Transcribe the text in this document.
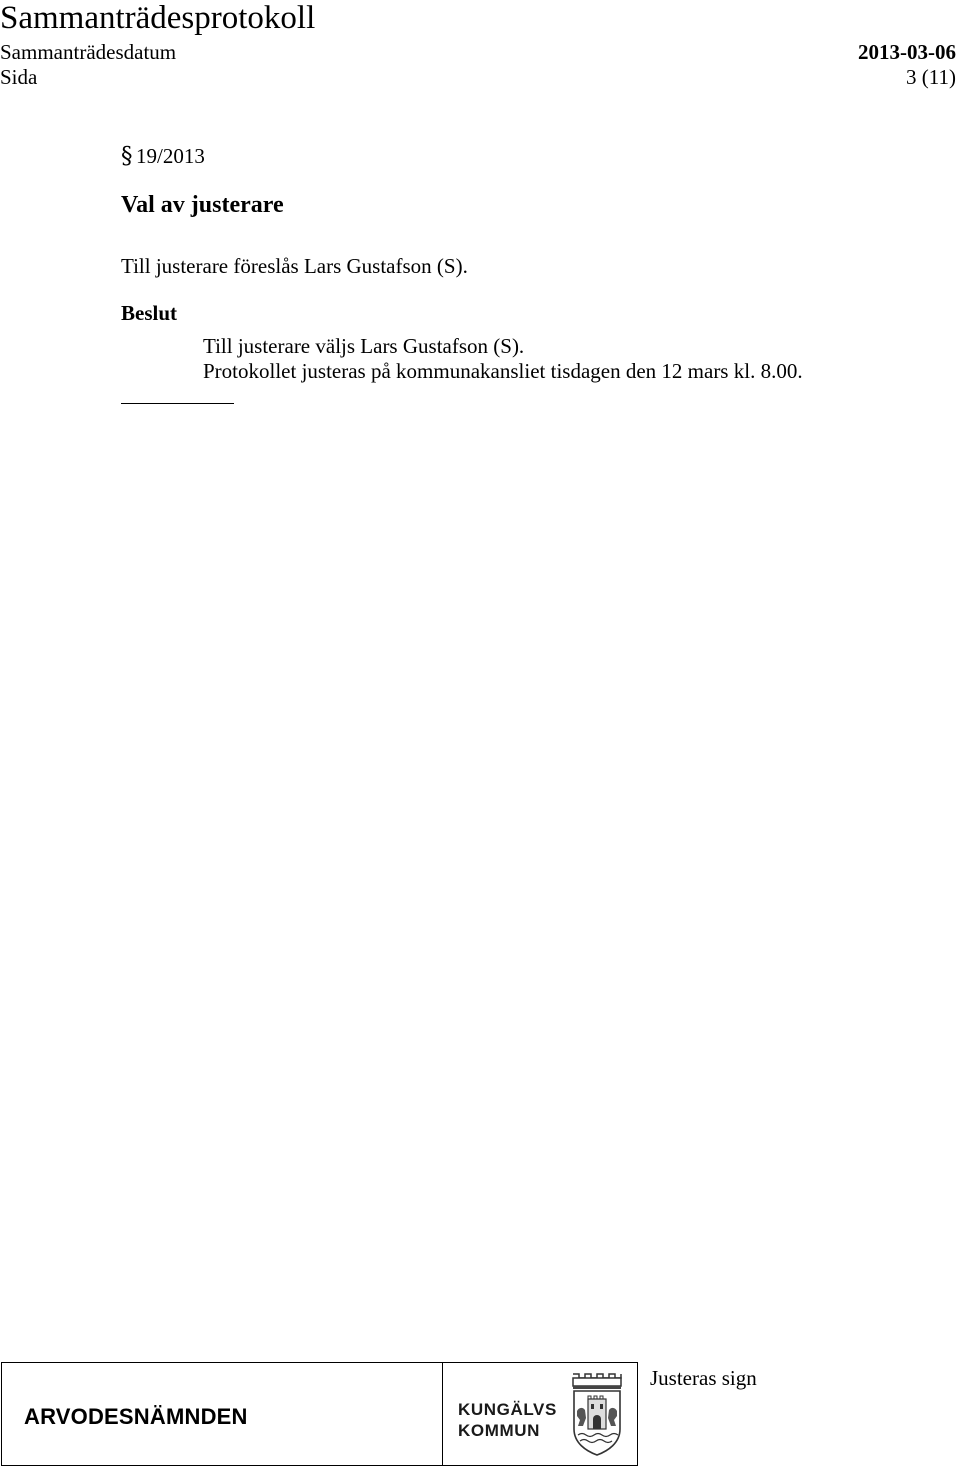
Sammanträdesprotokoll
Sammanträdesdatum	2013-03-06
Sida	3 (11)
§ 19/2013
Val av justerare
Till justerare föreslås Lars Gustafson (S).
Beslut
Till justerare väljs Lars Gustafson (S).
Protokollet justeras på kommunakansliet tisdagen den 12 mars kl. 8.00.
ARVODESNÄMNDEN	KUNGÄLVS
KOMMUN
Justeras sign
